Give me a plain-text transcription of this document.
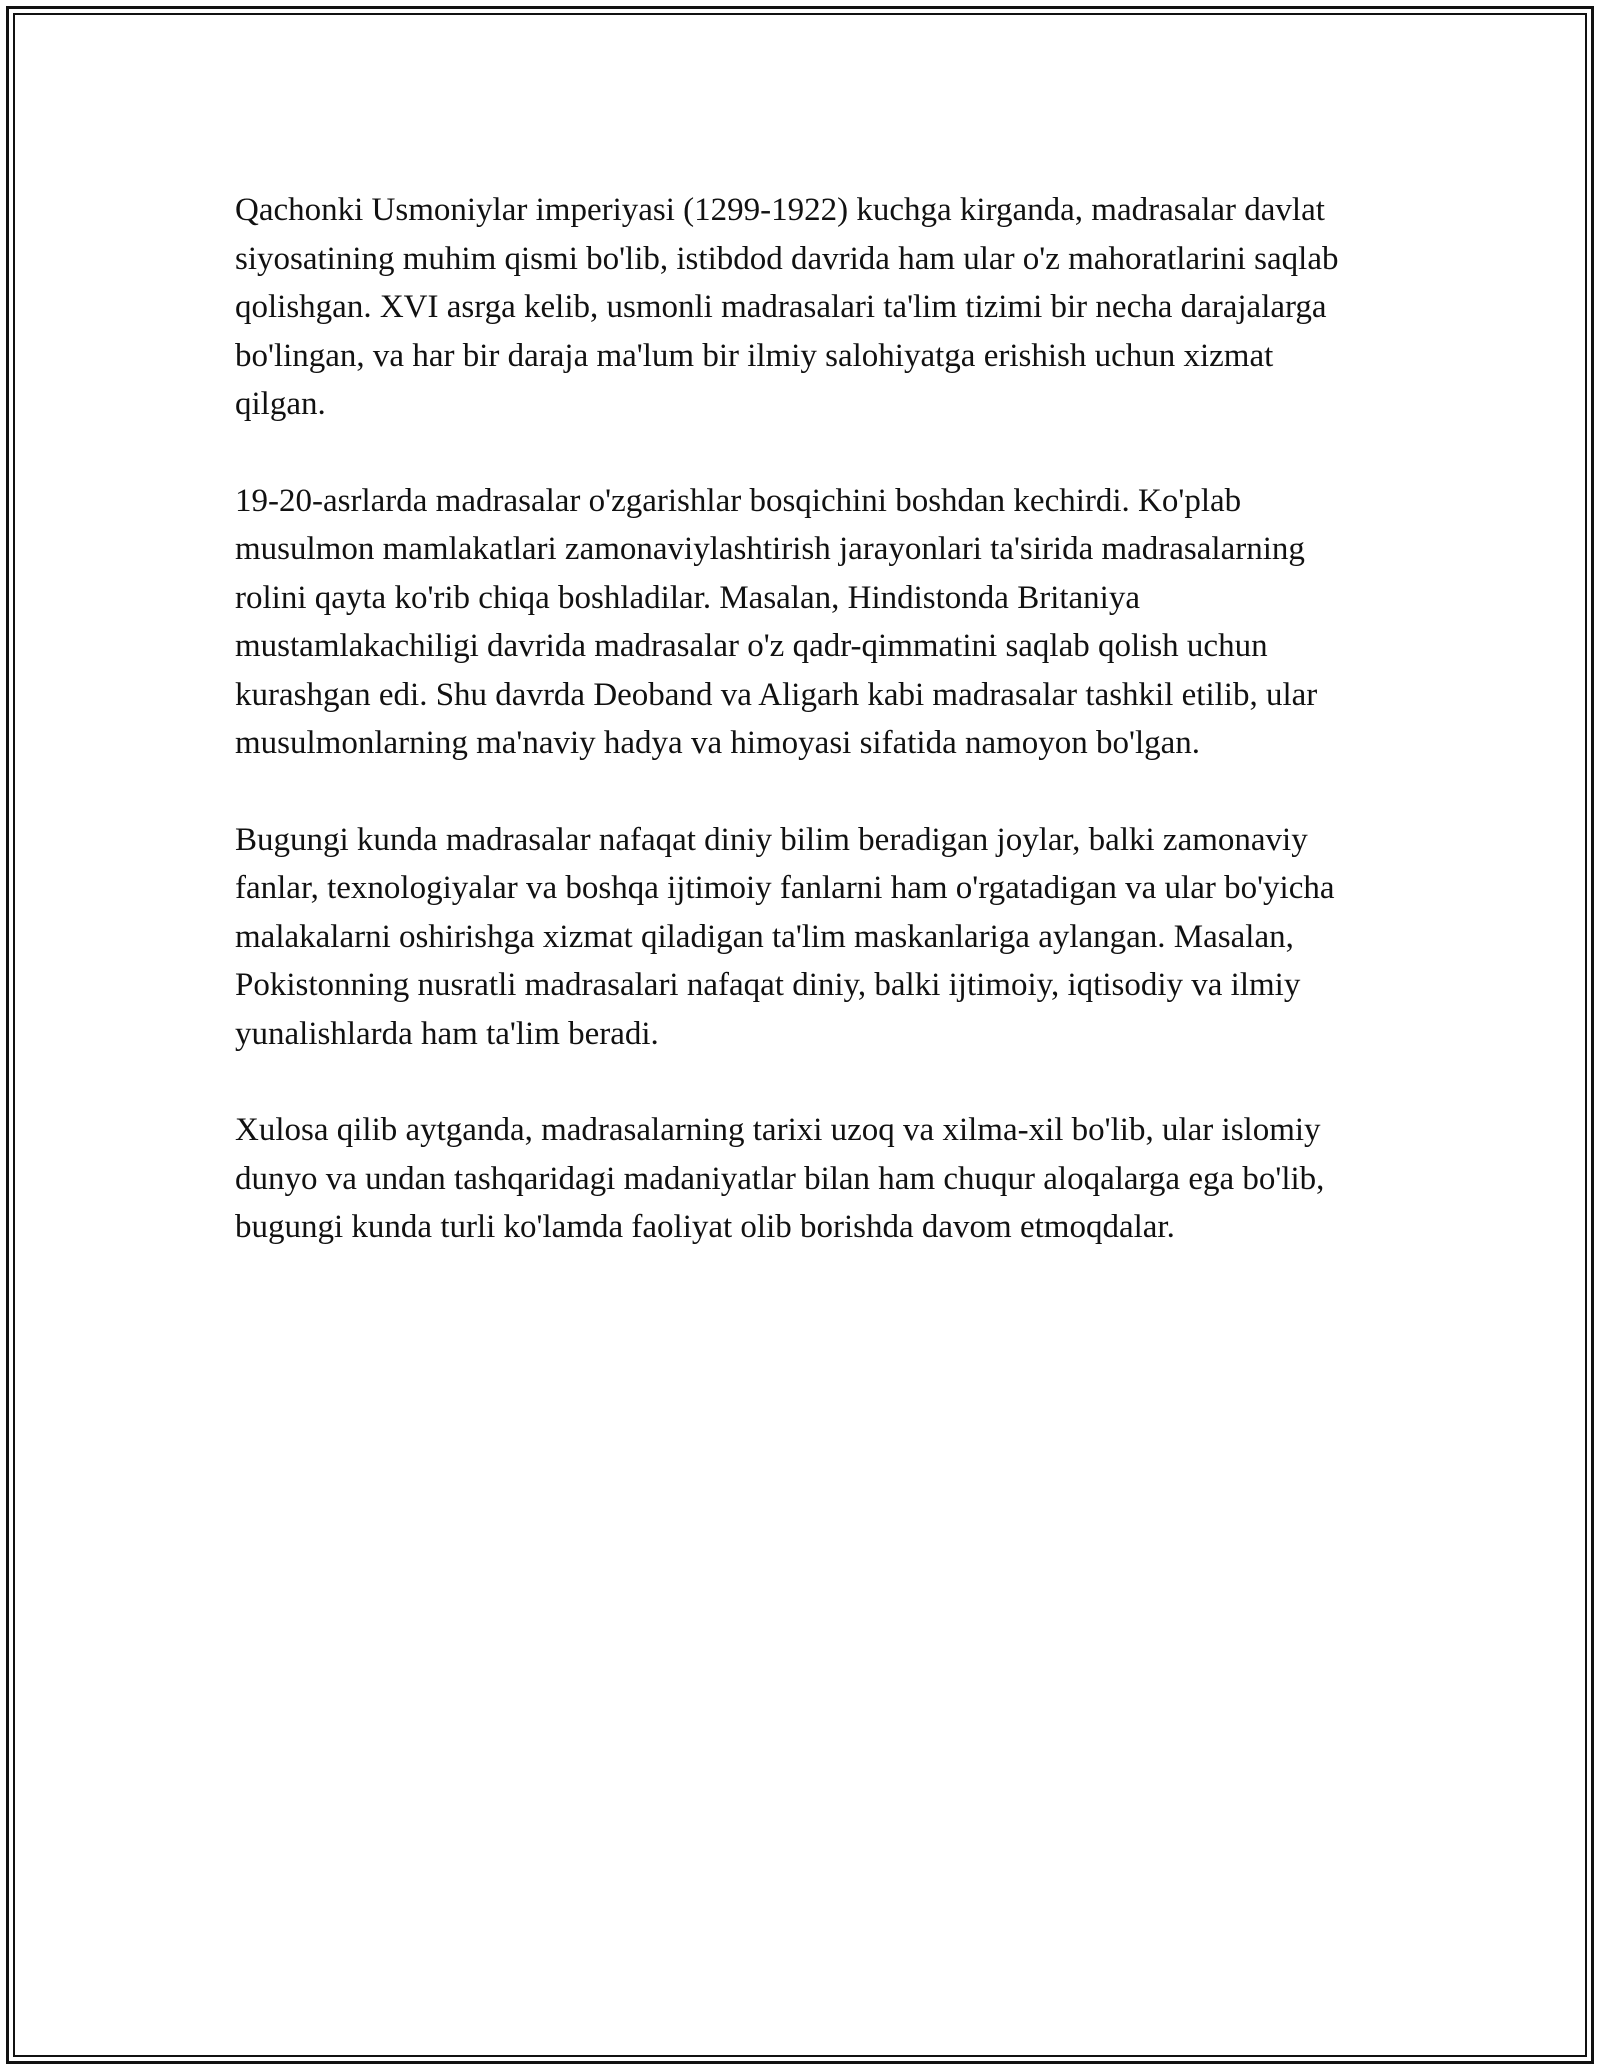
Qachonki Usmoniylar imperiyasi (1299-1922) kuchga kirganda, madrasalar davlat siyosatining muhim qismi bo'lib, istibdod davrida ham ular o'z mahoratlarini saqlab qolishgan. XVI asrga kelib, usmonli madrasalari ta'lim tizimi bir necha darajalarga bo'lingan, va har bir daraja ma'lum bir ilmiy salohiyatga erishish uchun xizmat qilgan.

19-20-asrlarda madrasalar o'zgarishlar bosqichini boshdan kechirdi. Ko'plab musulmon mamlakatlari zamonaviylashtirish jarayonlari ta'sirida madrasalarning rolini qayta ko'rib chiqa boshladilar. Masalan, Hindistonda Britaniya mustamlakachiligi davrida madrasalar o'z qadr-qimmatini saqlab qolish uchun kurashgan edi. Shu davrda Deoband va Aligarh kabi madrasalar tashkil etilib, ular musulmonlarning ma'naviy hadya va himoyasi sifatida namoyon bo'lgan.

Bugungi kunda madrasalar nafaqat diniy bilim beradigan joylar, balki zamonaviy fanlar, texnologiyalar va boshqa ijtimoiy fanlarni ham o'rgatadigan va ular bo'yicha malakalarni oshirishga xizmat qiladigan ta'lim maskanlariga aylangan. Masalan, Pokistonning nusratli madrasalari nafaqat diniy, balki ijtimoiy, iqtisodiy va ilmiy yunalishlarda ham ta'lim beradi.

Xulosa qilib aytganda, madrasalarning tarixi uzoq va xilma-xil bo'lib, ular islomiy dunyo va undan tashqaridagi madaniyatlar bilan ham chuqur aloqalarga ega bo'lib, bugungi kunda turli ko'lamda faoliyat olib borishda davom etmoqdalar.
